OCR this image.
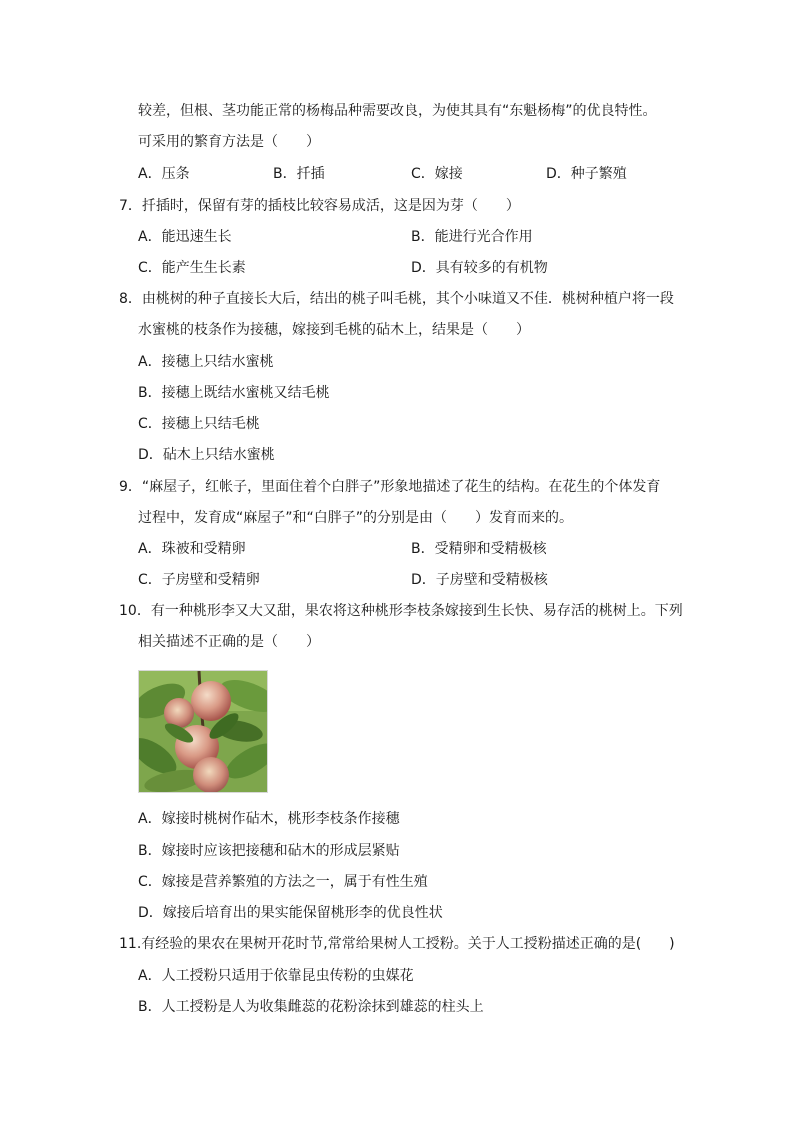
较差，但根、茎功能正常的杨梅品种需要改良，为使其具有“东魁杨梅”的优良特性。
可采用的繁育方法是（　　）
A．压条	B．扦插	C．嫁接	D．种子繁殖
7．扦插时，保留有芽的插枝比较容易成活，这是因为芽（　　）
A．能迅速生长	B．能进行光合作用
C．能产生生长素	D．具有较多的有机物
8．由桃树的种子直接长大后，结出的桃子叫毛桃，其个小味道又不佳．桃树种植户将一段
水蜜桃的枝条作为接穗，嫁接到毛桃的砧木上，结果是（　　）
A．接穗上只结水蜜桃
B．接穗上既结水蜜桃又结毛桃
C．接穗上只结毛桃
D．砧木上只结水蜜桃
9．“麻屋子，红帐子，里面住着个白胖子”形象地描述了花生的结构。在花生的个体发育
过程中，发育成“麻屋子”和“白胖子”的分别是由（　　）发育而来的。
A．珠被和受精卵	B．受精卵和受精极核
C．子房壁和受精卵	D．子房壁和受精极核
10．有一种桃形李又大又甜，果农将这种桃形李枝条嫁接到生长快、易存活的桃树上。下列
相关描述不正确的是（　　）
A．嫁接时桃树作砧木，桃形李枝条作接穗
B．嫁接时应该把接穗和砧木的形成层紧贴
C．嫁接是营养繁殖的方法之一，属于有性生殖
D．嫁接后培育出的果实能保留桃形李的优良性状
11.有经验的果农在果树开花时节,常常给果树人工授粉。关于人工授粉描述正确的是(　　)
A．人工授粉只适用于依靠昆虫传粉的虫媒花
B．人工授粉是人为收集雌蕊的花粉涂抹到雄蕊的柱头上
